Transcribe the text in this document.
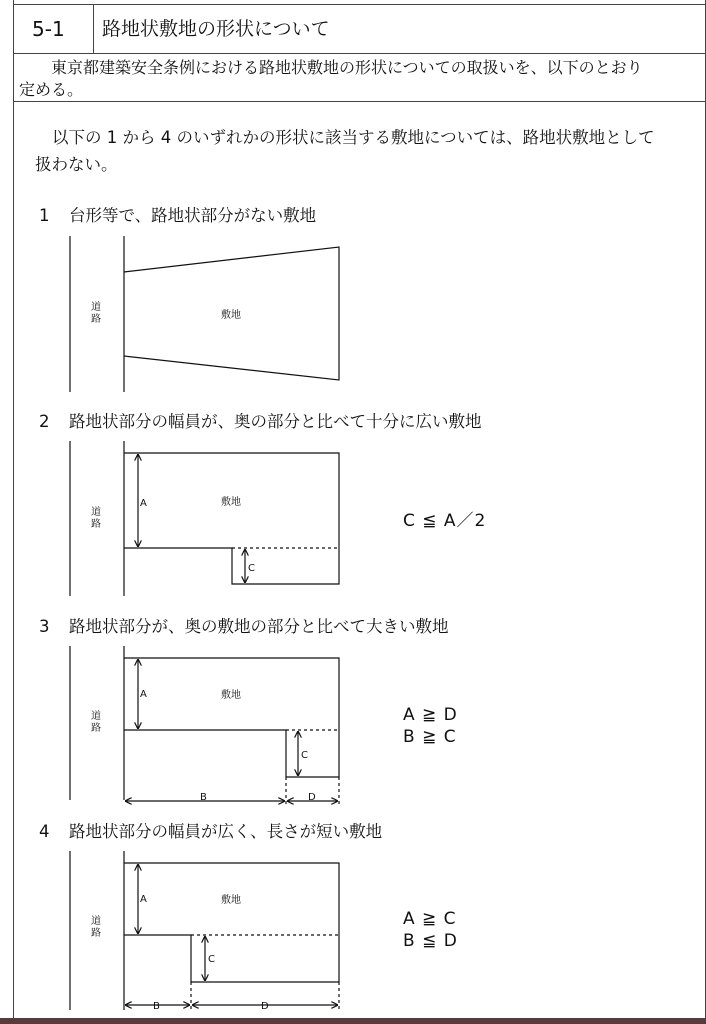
5-1	路地状敷地の形状について
東京都建築安全条例における路地状敷地の形状についての取扱いを、以下のとおり
定める。
以下の 1 から 4 のいずれかの形状に該当する敷地については、路地状敷地として
扱わない。
1 台形等で、路地状部分がない敷地
2 路地状部分の幅員が、奥の部分と比べて十分に広い敷地
3 路地状部分が、奥の敷地の部分と比べて大きい敷地
4 路地状部分の幅員が広く、長さが短い敷地
道
路
道
路
道
路
道
路
敷地
敷地
A
C
敷地
A
C
B	D
敷地
A
C
B	D
C ≦ A／2
A ≧ D
B ≧ C
A ≧ C
B ≦ D
